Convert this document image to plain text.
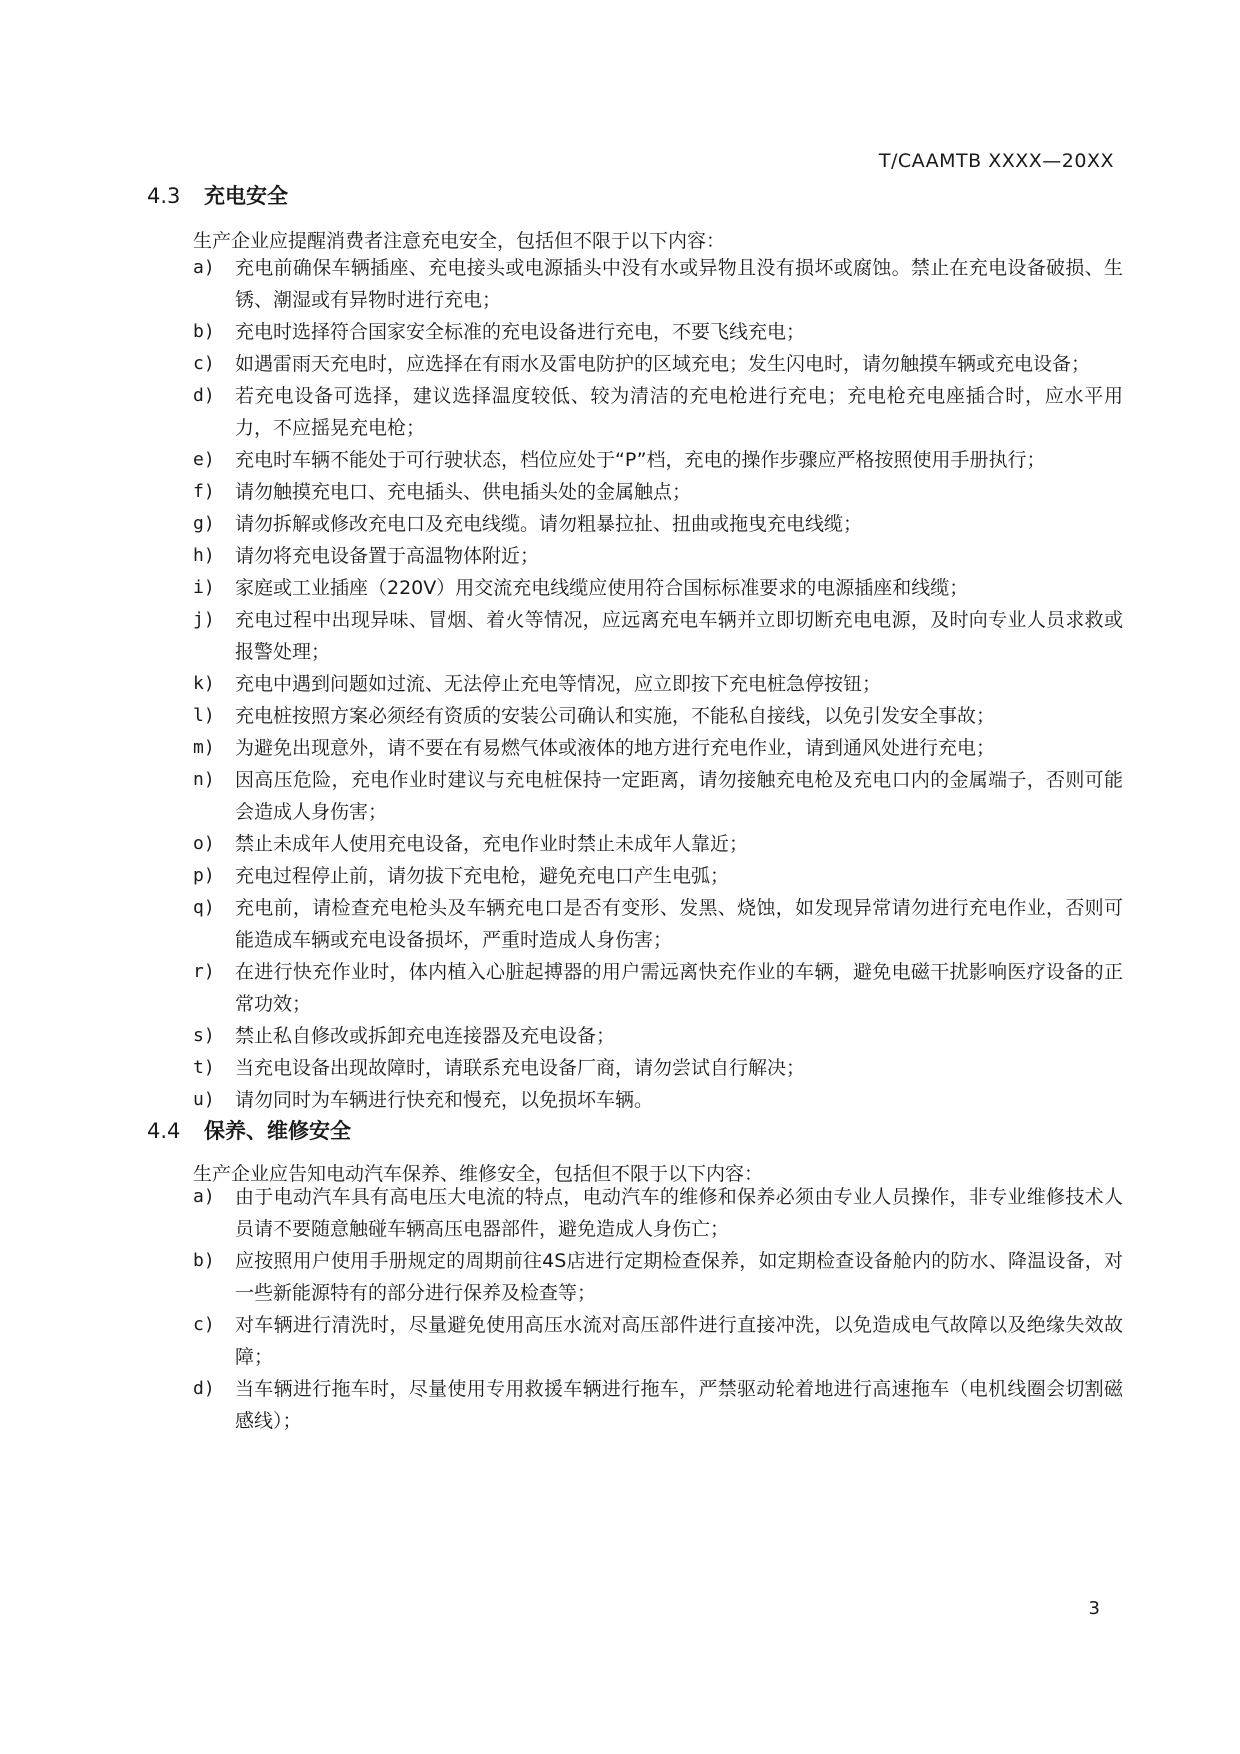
T/CAAMTB XXXX—20XX
4.3 充电安全
生产企业应提醒消费者注意充电安全，包括但不限于以下内容：
a) 充电前确保车辆插座、充电接头或电源插头中没有水或异物且没有损坏或腐蚀。禁止在充电设备破损、生锈、潮湿或有异物时进行充电；
b) 充电时选择符合国家安全标准的充电设备进行充电，不要飞线充电；
c) 如遇雷雨天充电时，应选择在有雨水及雷电防护的区域充电；发生闪电时，请勿触摸车辆或充电设备；
d) 若充电设备可选择，建议选择温度较低、较为清洁的充电枪进行充电；充电枪充电座插合时，应水平用力，不应摇晃充电枪；
e) 充电时车辆不能处于可行驶状态，档位应处于“P”档，充电的操作步骤应严格按照使用手册执行；
f) 请勿触摸充电口、充电插头、供电插头处的金属触点；
g) 请勿拆解或修改充电口及充电线缆。请勿粗暴拉扯、扭曲或拖曳充电线缆；
h) 请勿将充电设备置于高温物体附近；
i) 家庭或工业插座（220V）用交流充电线缆应使用符合国标标准要求的电源插座和线缆；
j) 充电过程中出现异味、冒烟、着火等情况，应远离充电车辆并立即切断充电电源，及时向专业人员求救或报警处理；
k) 充电中遇到问题如过流、无法停止充电等情况，应立即按下充电桩急停按钮；
l) 充电桩按照方案必须经有资质的安装公司确认和实施，不能私自接线，以免引发安全事故；
m) 为避免出现意外，请不要在有易燃气体或液体的地方进行充电作业，请到通风处进行充电；
n) 因高压危险，充电作业时建议与充电桩保持一定距离，请勿接触充电枪及充电口内的金属端子，否则可能会造成人身伤害；
o) 禁止未成年人使用充电设备，充电作业时禁止未成年人靠近；
p) 充电过程停止前，请勿拔下充电枪，避免充电口产生电弧；
q) 充电前，请检查充电枪头及车辆充电口是否有变形、发黑、烧蚀，如发现异常请勿进行充电作业，否则可能造成车辆或充电设备损坏，严重时造成人身伤害；
r) 在进行快充作业时，体内植入心脏起搏器的用户需远离快充作业的车辆，避免电磁干扰影响医疗设备的正常功效；
s) 禁止私自修改或拆卸充电连接器及充电设备；
t) 当充电设备出现故障时，请联系充电设备厂商，请勿尝试自行解决；
u) 请勿同时为车辆进行快充和慢充，以免损坏车辆。
4.4 保养、维修安全
生产企业应告知电动汽车保养、维修安全，包括但不限于以下内容：
a) 由于电动汽车具有高电压大电流的特点，电动汽车的维修和保养必须由专业人员操作，非专业维修技术人员请不要随意触碰车辆高压电器部件，避免造成人身伤亡；
b) 应按照用户使用手册规定的周期前往4S店进行定期检查保养，如定期检查设备舱内的防水、降温设备，对一些新能源特有的部分进行保养及检查等；
c) 对车辆进行清洗时，尽量避免使用高压水流对高压部件进行直接冲洗，以免造成电气故障以及绝缘失效故障；
d) 当车辆进行拖车时，尽量使用专用救援车辆进行拖车，严禁驱动轮着地进行高速拖车（电机线圈会切割磁感线）；
3
